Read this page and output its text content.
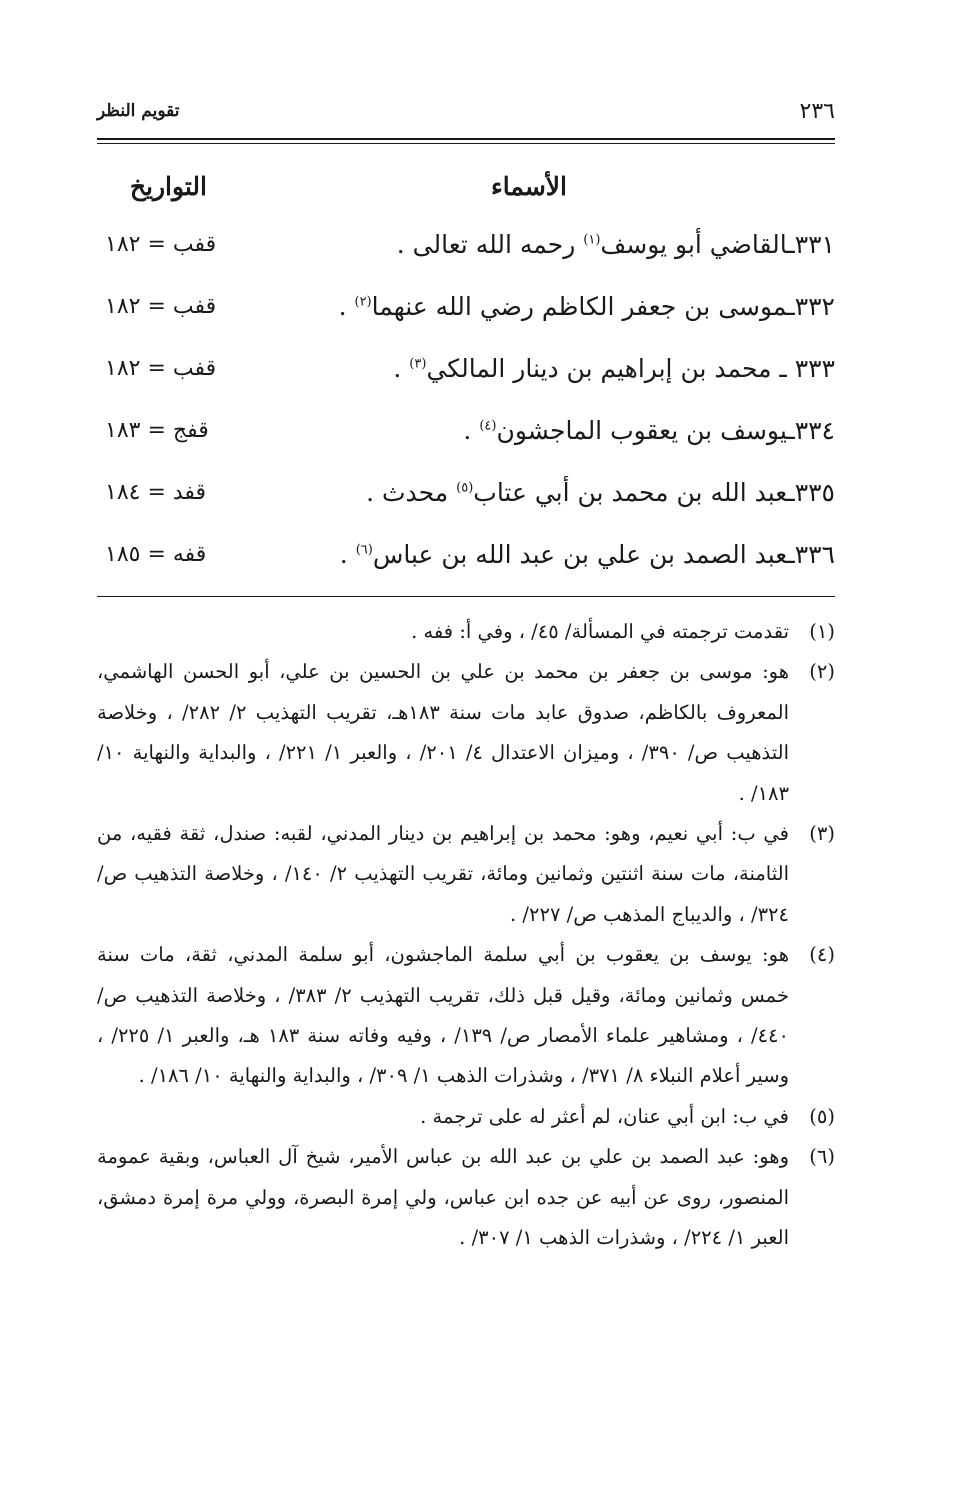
٢٣٦
تقويم النظر
الأسماء
التواريخ
٣٣١ـالقاضي أبو يوسف$^{(١)}$ رحمه الله تعالى .
قفب = ١٨٢
٣٣٢ـموسى بن جعفر الكاظم رضي الله عنهما$^{(٢)}$ .
قفب = ١٨٢
٣٣٣ ـ محمد بن إبراهيم بن دينار المالكي$^{(٣)}$ .
قفب = ١٨٢
٣٣٤ـيوسف بن يعقوب الماجشون$^{(٤)}$ .
قفج = ١٨٣
٣٣٥ـعبد الله بن محمد بن أبي عتاب$^{(٥)}$ محدث .
قفد = ١٨٤
٣٣٦ـعبد الصمد بن علي بن عبد الله بن عباس$^{(٦)}$ .
قفه = ١٨٥
(١)
تقدمت ترجمته في المسألة/ ٤٥/ ، وفي أ: ففه .
(٢)
هو: موسى بن جعفر بن محمد بن علي بن الحسين بن علي، أبو الحسن الهاشمي، المعروف بالكاظم، صدوق عابد مات سنة ١٨٣هـ، تقريب التهذيب ٢/ ٢٨٢/ ، وخلاصة التذهيب ص/ ٣٩٠/ ، وميزان الاعتدال ٤/ ٢٠١/ ، والعبر ١/ ٢٢١/ ، والبداية والنهاية ١٠/ ١٨٣/ .
(٣)
في ب: أبي نعيم، وهو: محمد بن إبراهيم بن دينار المدني، لقبه: صندل، ثقة فقيه، من الثامنة، مات سنة اثنتين وثمانين ومائة، تقريب التهذيب ٢/ ١٤٠/ ، وخلاصة التذهيب ص/ ٣٢٤/ ، والديباج المذهب ص/ ٢٢٧/ .
(٤)
هو: يوسف بن يعقوب بن أبي سلمة الماجشون، أبو سلمة المدني، ثقة، مات سنة خمس وثمانين ومائة، وقيل قبل ذلك، تقريب التهذيب ٢/ ٣٨٣/ ، وخلاصة التذهيب ص/ ٤٤٠/ ، ومشاهير علماء الأمصار ص/ ١٣٩/ ، وفيه وفاته سنة ١٨٣ هـ، والعبر ١/ ٢٢٥/ ، وسير أعلام النبلاء ٨/ ٣٧١/ ، وشذرات الذهب ١/ ٣٠٩/ ، والبداية والنهاية ١٠/ ١٨٦/ .
(٥)
في ب: ابن أبي عنان، لم أعثر له على ترجمة .
(٦)
وهو: عبد الصمد بن علي بن عبد الله بن عباس الأمير، شيخ آل العباس، وبقية عمومة المنصور، روى عن أبيه عن جده ابن عباس، ولي إمرة البصرة، وولي مرة إمرة دمشق، العبر ١/ ٢٢٤/ ، وشذرات الذهب ١/ ٣٠٧/ .
